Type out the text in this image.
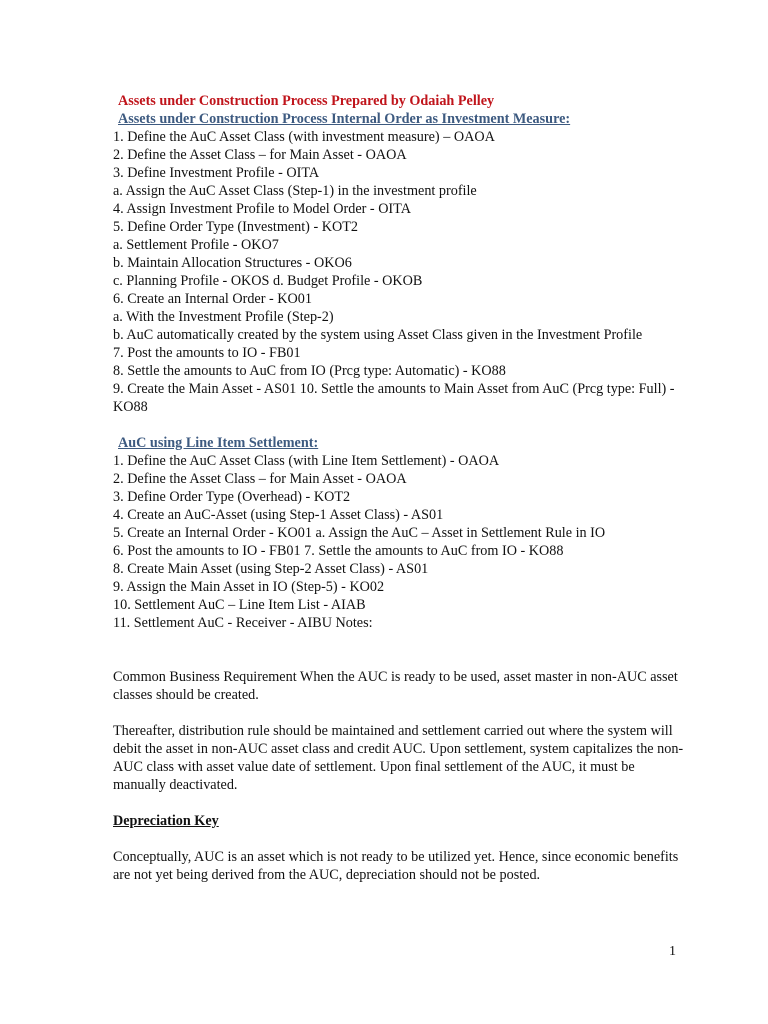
Assets under Construction Process Prepared by Odaiah Pelley
Assets under Construction Process Internal Order as Investment Measure:
1. Define the AuC Asset Class (with investment measure) – OAOA
2. Define the Asset Class – for Main Asset - OAOA
3. Define Investment Profile - OITA
a. Assign the AuC Asset Class (Step-1) in the investment profile
4. Assign Investment Profile to Model Order - OITA
5. Define Order Type (Investment) - KOT2
a. Settlement Profile - OKO7
b. Maintain Allocation Structures - OKO6
c. Planning Profile - OKOS d. Budget Profile - OKOB
6. Create an Internal Order - KO01
a. With the Investment Profile (Step-2)
b. AuC automatically created by the system using Asset Class given in the Investment Profile
7. Post the amounts to IO - FB01
8. Settle the amounts to AuC from IO (Prcg type: Automatic) - KO88
9. Create the Main Asset - AS01 10. Settle the amounts to Main Asset from AuC (Prcg type: Full) - KO88
AuC using Line Item Settlement:
1. Define the AuC Asset Class (with Line Item Settlement) - OAOA
2. Define the Asset Class – for Main Asset - OAOA
3. Define Order Type (Overhead) - KOT2
4. Create an AuC-Asset (using Step-1 Asset Class) - AS01
5. Create an Internal Order - KO01 a. Assign the AuC – Asset in Settlement Rule in IO
6. Post the amounts to IO - FB01 7. Settle the amounts to AuC from IO - KO88
8. Create Main Asset (using Step-2 Asset Class) - AS01
9. Assign the Main Asset in IO (Step-5) - KO02
10. Settlement AuC – Line Item List - AIAB
11. Settlement AuC - Receiver - AIBU Notes:

Common Business Requirement When the AUC is ready to be used, asset master in non-AUC asset classes should be created.

Thereafter, distribution rule should be maintained and settlement carried out where the system will debit the asset in non-AUC asset class and credit AUC. Upon settlement, system capitalizes the non-AUC class with asset value date of settlement. Upon final settlement of the AUC, it must be manually deactivated.

Depreciation Key

Conceptually, AUC is an asset which is not ready to be utilized yet. Hence, since economic benefits are not yet being derived from the AUC, depreciation should not be posted.

1
